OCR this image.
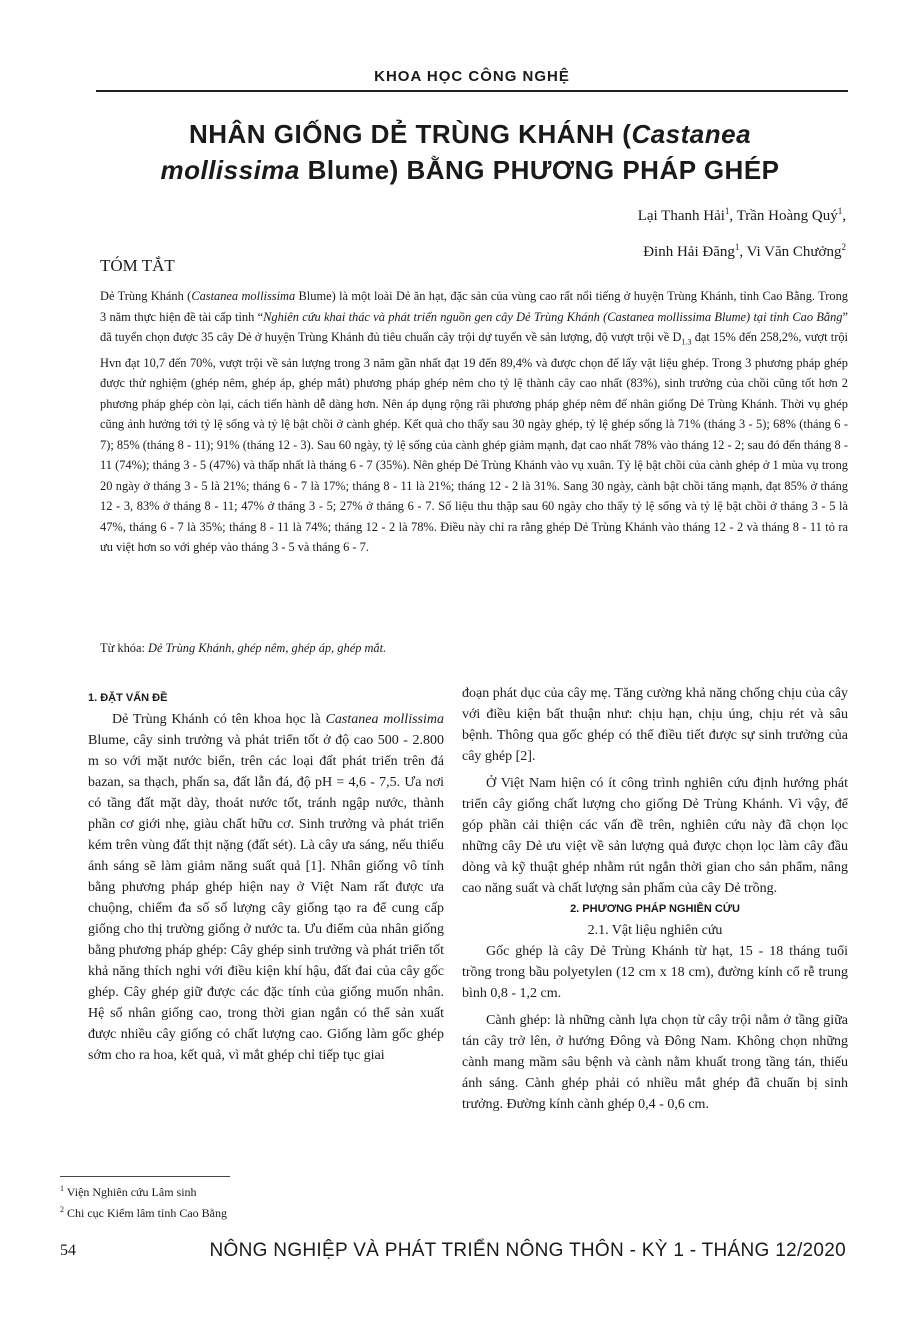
KHOA HỌC CÔNG NGHỆ
NHÂN GIỐNG DẺ TRÙNG KHÁNH (Castanea
mollissima Blume) BẰNG PHƯƠNG PHÁP GHÉP
Lại Thanh Hải$^1$, Trần Hoàng Quý$^1$,
Đinh Hải Đăng$^1$, Vi Văn Chưởng$^2$
TÓM TẮT

Dẻ Trùng Khánh (Castanea mollissima Blume) là một loài Dẻ ăn hạt, đặc sản của vùng cao rất nổi tiếng ở huyện Trùng Khánh, tỉnh Cao Bằng. Trong 3 năm thực hiện đề tài cấp tỉnh “Nghiên cứu khai thác và phát triển nguồn gen cây Dẻ Trùng Khánh (Castanea mollissima Blume) tại tỉnh Cao Bằng” đã tuyển chọn được 35 cây Dẻ ở huyện Trùng Khánh đủ tiêu chuẩn cây trội dự tuyển về sản lượng, độ vượt trội về $D_{1.3}$ đạt 15% đến 258,2%, vượt trội Hvn đạt 10,7 đến 70%, vượt trội về sản lượng trong 3 năm gần nhất đạt 19 đến 89,4% và được chọn để lấy vật liệu ghép. Trong 3 phương pháp ghép được thử nghiệm (ghép nêm, ghép áp, ghép mắt) phương pháp ghép nêm cho tỷ lệ thành cây cao nhất (83%), sinh trưởng của chồi cũng tốt hơn 2 phương pháp ghép còn lại, cách tiến hành dễ dàng hơn. Nên áp dụng rộng rãi phương pháp ghép nêm để nhân giống Dẻ Trùng Khánh. Thời vụ ghép cũng ảnh hưởng tới tỷ lệ sống và tỷ lệ bật chồi ở cành ghép. Kết quả cho thấy sau 30 ngày ghép, tỷ lệ ghép sống là 71% (tháng 3 - 5); 68% (tháng 6 - 7); 85% (tháng 8 - 11); 91% (tháng 12 - 3). Sau 60 ngày, tỷ lệ sống của cành ghép giảm mạnh, đạt cao nhất 78% vào tháng 12 - 2; sau đó đến tháng 8 - 11 (74%); tháng 3 - 5 (47%) và thấp nhất là tháng 6 - 7 (35%). Nên ghép Dẻ Trùng Khánh vào vụ xuân. Tỷ lệ bật chồi của cành ghép ở 1 mùa vụ trong 20 ngày ở tháng 3 - 5 là 21%; tháng 6 - 7 là 17%; tháng 8 - 11 là 21%; tháng 12 - 2 là 31%. Sang 30 ngày, cành bật chồi tăng mạnh, đạt 85% ở tháng 12 - 3, 83% ở tháng 8 - 11; 47% ở tháng 3 - 5; 27% ở tháng 6 - 7. Số liệu thu thập sau 60 ngày cho thấy tỷ lệ sống và tỷ lệ bật chồi ở tháng 3 - 5 là 47%, tháng 6 - 7 là 35%; tháng 8 - 11 là 74%; tháng 12 - 2 là 78%. Điều này chỉ ra rằng ghép Dẻ Trùng Khánh vào tháng 12 - 2 và tháng 8 - 11 tỏ ra ưu việt hơn so với ghép vào tháng 3 - 5 và tháng 6 - 7.

Từ khóa: Dẻ Trùng Khánh, ghép nêm, ghép áp, ghép mắt.

1. ĐẶT VẤN ĐỀ

Dẻ Trùng Khánh có tên khoa học là Castanea mollissima Blume, cây sinh trưởng và phát triển tốt ở độ cao 500 - 2.800 m so với mặt nước biển, trên các loại đất phát triển trên đá bazan, sa thạch, phấn sa, đất lẫn đá, độ pH = 4,6 - 7,5. Ưa nơi có tầng đất mặt dày, thoát nước tốt, tránh ngập nước, thành phần cơ giới nhẹ, giàu chất hữu cơ. Sinh trưởng và phát triển kém trên vùng đất thịt nặng (đất sét). Là cây ưa sáng, nếu thiếu ánh sáng sẽ làm giảm năng suất quả [1]. Nhân giống vô tính bằng phương pháp ghép hiện nay ở Việt Nam rất được ưa chuộng, chiếm đa số số lượng cây giống tạo ra để cung cấp giống cho thị trường giống ở nước ta. Ưu điểm của nhân giống bằng phương pháp ghép: Cây ghép sinh trưởng và phát triển tốt khả năng thích nghi với điều kiện khí hậu, đất đai của cây gốc ghép. Cây ghép giữ được các đặc tính của giống muốn nhân. Hệ số nhân giống cao, trong thời gian ngắn có thể sản xuất được nhiều cây giống có chất lượng cao. Giống làm gốc ghép sớm cho ra hoa, kết quả, vì mắt ghép chỉ tiếp tục giai

đoạn phát dục của cây mẹ. Tăng cường khả năng chống chịu của cây với điều kiện bất thuận như: chịu hạn, chịu úng, chịu rét và sâu bệnh. Thông qua gốc ghép có thể điều tiết được sự sinh trưởng của cây ghép [2].

Ở Việt Nam hiện có ít công trình nghiên cứu định hướng phát triển cây giống chất lượng cho giống Dẻ Trùng Khánh. Vì vậy, để góp phần cải thiện các vấn đề trên, nghiên cứu này đã chọn lọc những cây Dẻ ưu việt về sản lượng quả được chọn lọc làm cây đầu dòng và kỹ thuật ghép nhằm rút ngắn thời gian cho sản phẩm, nâng cao năng suất và chất lượng sản phẩm của cây Dẻ trồng.

2. PHƯƠNG PHÁP NGHIÊN CỨU

2.1. Vật liệu nghiên cứu

Gốc ghép là cây Dẻ Trùng Khánh từ hạt, 15 - 18 tháng tuổi trồng trong bầu polyetylen (12 cm x 18 cm), đường kính cổ rễ trung bình 0,8 - 1,2 cm.

Cành ghép: là những cành lựa chọn từ cây trội nằm ở tầng giữa tán cây trở lên, ở hướng Đông và Đông Nam. Không chọn những cành mang mầm sâu bệnh và cành nằm khuất trong tầng tán, thiếu ánh sáng. Cành ghép phải có nhiều mắt ghép đã chuẩn bị sinh trưởng. Đường kính cành ghép 0,4 - 0,6 cm.

$^1$ Viện Nghiên cứu Lâm sinh
$^2$ Chi cục Kiểm lâm tỉnh Cao Bằng
54	NÔNG NGHIỆP VÀ PHÁT TRIỂN NÔNG THÔN - KỲ 1 - THÁNG 12/2020
